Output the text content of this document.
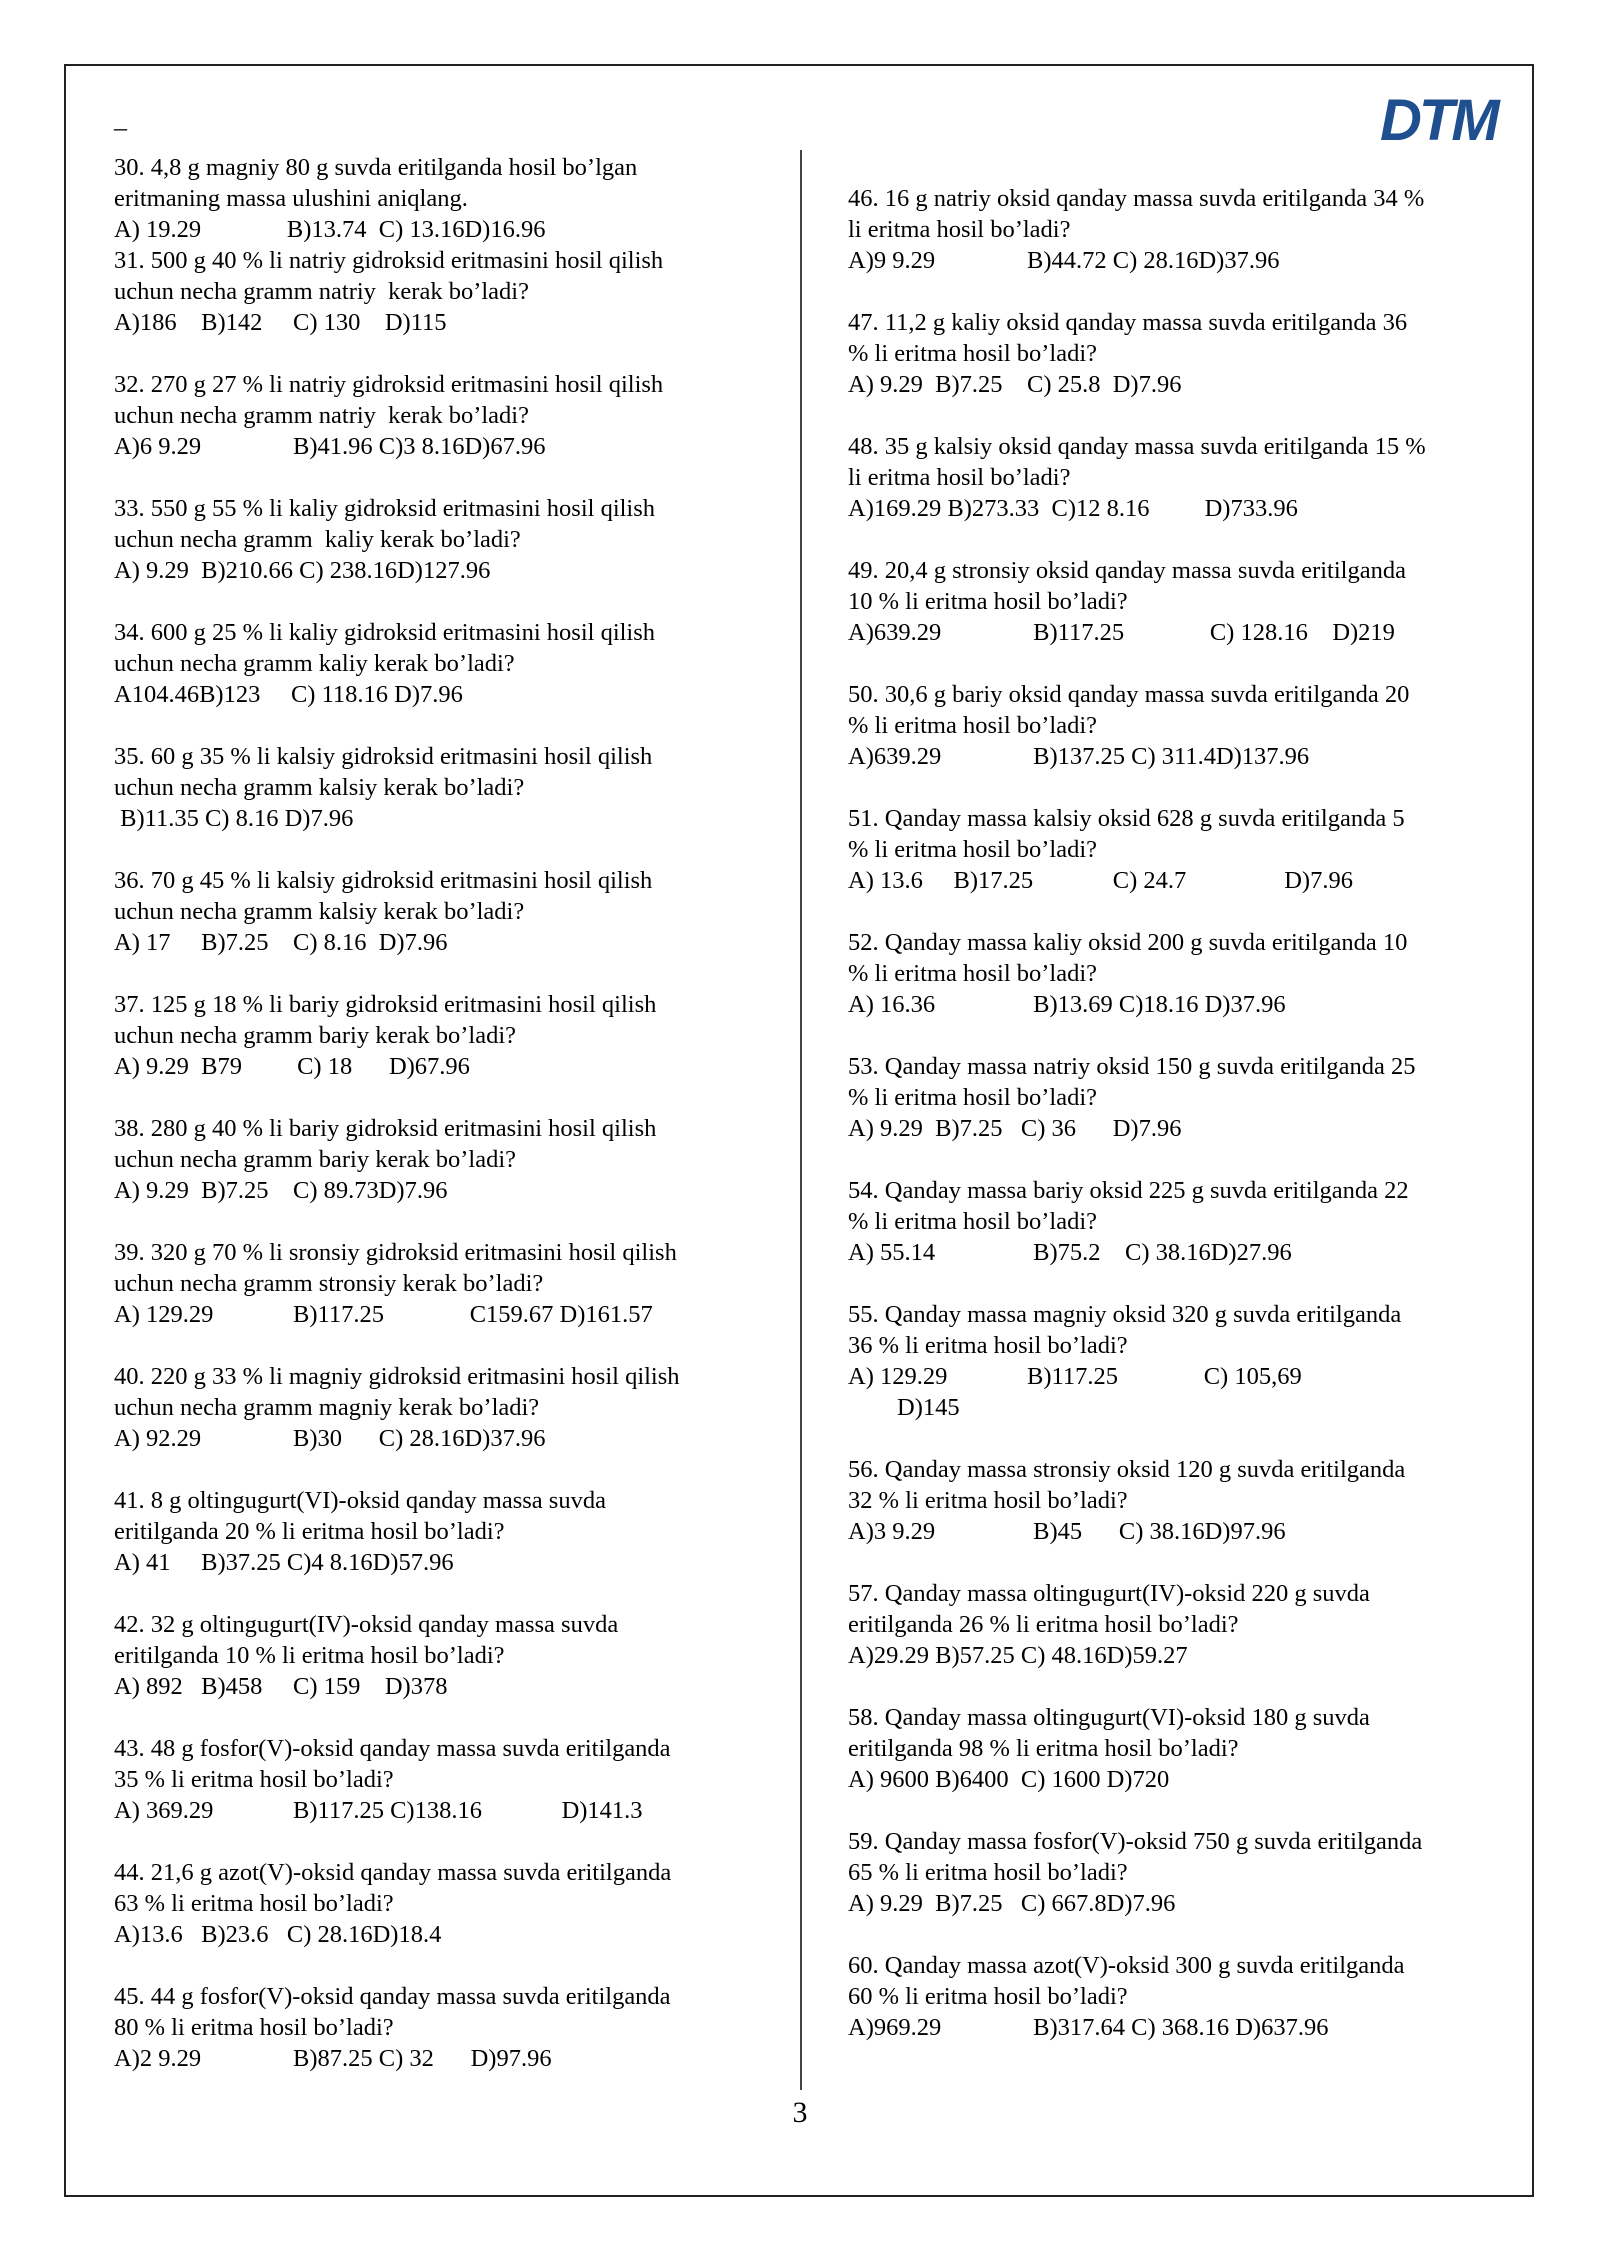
_	DTM
30. 4,8 g magniy 80 g suvda eritilganda hosil bo’lgan
eritmaning massa ulushini aniqlang.
A) 19.29              B)13.74  C) 13.16D)16.96
31. 500 g 40 % li natriy gidroksid eritmasini hosil qilish
uchun necha gramm natriy  kerak bo’ladi?
A)186    B)142     C) 130    D)115
32. 270 g 27 % li natriy gidroksid eritmasini hosil qilish
uchun necha gramm natriy  kerak bo’ladi?
A)6 9.29               B)41.96 C)3 8.16D)67.96
33. 550 g 55 % li kaliy gidroksid eritmasini hosil qilish
uchun necha gramm  kaliy kerak bo’ladi?
A) 9.29  B)210.66 C) 238.16D)127.96
34. 600 g 25 % li kaliy gidroksid eritmasini hosil qilish
uchun necha gramm kaliy kerak bo’ladi?
A104.46B)123     C) 118.16 D)7.96
35. 60 g 35 % li kalsiy gidroksid eritmasini hosil qilish
uchun necha gramm kalsiy kerak bo’ladi?
B)11.35 C) 8.16 D)7.96
36. 70 g 45 % li kalsiy gidroksid eritmasini hosil qilish
uchun necha gramm kalsiy kerak bo’ladi?
A) 17     B)7.25    C) 8.16  D)7.96
37. 125 g 18 % li bariy gidroksid eritmasini hosil qilish
uchun necha gramm bariy kerak bo’ladi?
A) 9.29  B79         C) 18      D)67.96
38. 280 g 40 % li bariy gidroksid eritmasini hosil qilish
uchun necha gramm bariy kerak bo’ladi?
A) 9.29  B)7.25    C) 89.73D)7.96
39. 320 g 70 % li sronsiy gidroksid eritmasini hosil qilish
uchun necha gramm stronsiy kerak bo’ladi?
A) 129.29             B)117.25              C159.67 D)161.57
40. 220 g 33 % li magniy gidroksid eritmasini hosil qilish
uchun necha gramm magniy kerak bo’ladi?
A) 92.29               B)30      C) 28.16D)37.96
41. 8 g oltingugurt(VI)-oksid qanday massa suvda
eritilganda 20 % li eritma hosil bo’ladi?
A) 41     B)37.25 C)4 8.16D)57.96
42. 32 g oltingugurt(IV)-oksid qanday massa suvda
eritilganda 10 % li eritma hosil bo’ladi?
A) 892   B)458     C) 159    D)378
43. 48 g fosfor(V)-oksid qanday massa suvda eritilganda
35 % li eritma hosil bo’ladi?
A) 369.29             B)117.25 C)138.16             D)141.3
44. 21,6 g azot(V)-oksid qanday massa suvda eritilganda
63 % li eritma hosil bo’ladi?
A)13.6   B)23.6   C) 28.16D)18.4
45. 44 g fosfor(V)-oksid qanday massa suvda eritilganda
80 % li eritma hosil bo’ladi?
A)2 9.29               B)87.25 C) 32      D)97.96
46. 16 g natriy oksid qanday massa suvda eritilganda 34 %
li eritma hosil bo’ladi?
A)9 9.29               B)44.72 C) 28.16D)37.96
47. 11,2 g kaliy oksid qanday massa suvda eritilganda 36
% li eritma hosil bo’ladi?
A) 9.29  B)7.25    C) 25.8  D)7.96
48. 35 g kalsiy oksid qanday massa suvda eritilganda 15 %
li eritma hosil bo’ladi?
A)169.29 B)273.33  C)12 8.16         D)733.96
49. 20,4 g stronsiy oksid qanday massa suvda eritilganda
10 % li eritma hosil bo’ladi?
A)639.29               B)117.25              C) 128.16    D)219
50. 30,6 g bariy oksid qanday massa suvda eritilganda 20
% li eritma hosil bo’ladi?
A)639.29               B)137.25 C) 311.4D)137.96
51. Qanday massa kalsiy oksid 628 g suvda eritilganda 5
% li eritma hosil bo’ladi?
A) 13.6     B)17.25             C) 24.7                D)7.96
52. Qanday massa kaliy oksid 200 g suvda eritilganda 10
% li eritma hosil bo’ladi?
A) 16.36                B)13.69 C)18.16 D)37.96
53. Qanday massa natriy oksid 150 g suvda eritilganda 25
% li eritma hosil bo’ladi?
A) 9.29  B)7.25   C) 36      D)7.96
54. Qanday massa bariy oksid 225 g suvda eritilganda 22
% li eritma hosil bo’ladi?
A) 55.14                B)75.2    C) 38.16D)27.96
55. Qanday massa magniy oksid 320 g suvda eritilganda
36 % li eritma hosil bo’ladi?
A) 129.29             B)117.25              C) 105,69
D)145
56. Qanday massa stronsiy oksid 120 g suvda eritilganda
32 % li eritma hosil bo’ladi?
A)3 9.29                B)45      C) 38.16D)97.96
57. Qanday massa oltingugurt(IV)-oksid 220 g suvda
eritilganda 26 % li eritma hosil bo’ladi?
A)29.29 B)57.25 C) 48.16D)59.27
58. Qanday massa oltingugurt(VI)-oksid 180 g suvda
eritilganda 98 % li eritma hosil bo’ladi?
A) 9600 B)6400  C) 1600 D)720
59. Qanday massa fosfor(V)-oksid 750 g suvda eritilganda
65 % li eritma hosil bo’ladi?
A) 9.29  B)7.25   C) 667.8D)7.96
60. Qanday massa azot(V)-oksid 300 g suvda eritilganda
60 % li eritma hosil bo’ladi?
A)969.29               B)317.64 C) 368.16 D)637.96
3
